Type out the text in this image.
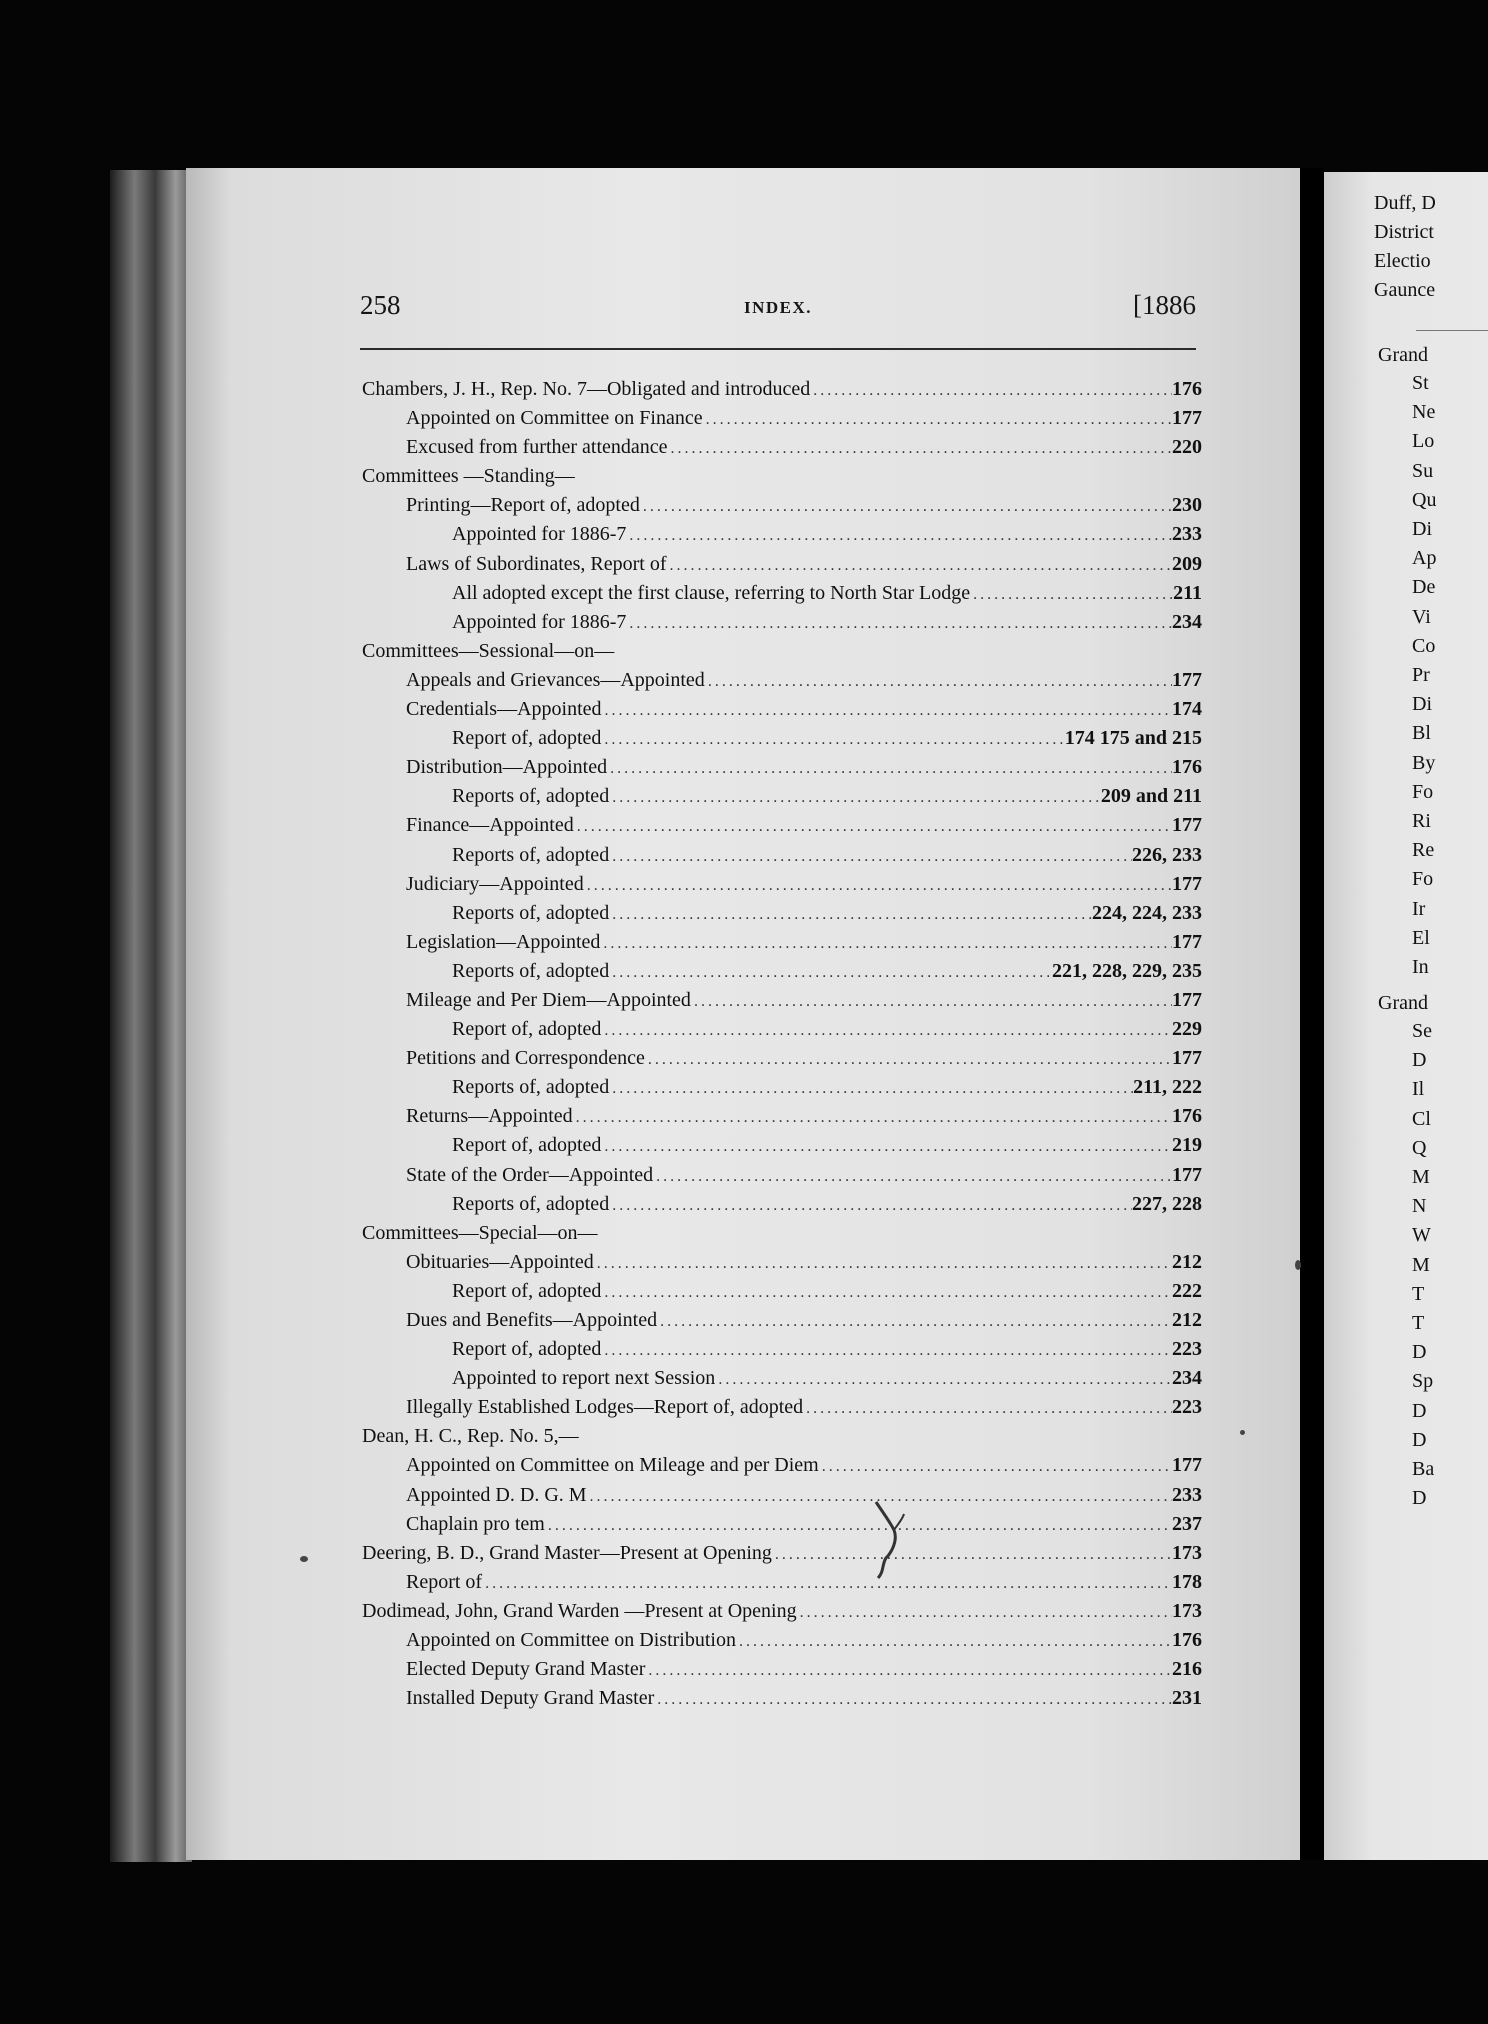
Duff, D
District
Electio
Gaunce
Grand
St
Ne
Lo
Su
Qu
Di
Ap
De
Vi
Co
Pr
Di
Bl
By
Fo
Ri
Re
Fo
Ir
El
In
Grand
Se
D
Il
Cl
Q
M
N
W
M
T
T
D
Sp
D
D
Ba
D
258	INDEX.	[1886
Chambers, J. H., Rep. No. 7—Obligated and introduced .....	176
Appointed on Committee on Finance .....	177
Excused from further attendance .....	220
Committees —Standing—
Printing—Report of, adopted .....	230
Appointed for 1886-7 .....	233
Laws of Subordinates, Report of .....	209
All adopted except the first clause, referring to North Star Lodge .....	211
Appointed for 1886-7 .....	234
Committees—Sessional—on—
Appeals and Grievances—Appointed .....	177
Credentials—Appointed .....	174
Report of, adopted .....	174 175 and 215
Distribution—Appointed .....	176
Reports of, adopted .....	209 and 211
Finance—Appointed .....	177
Reports of, adopted .....	226, 233
Judiciary—Appointed .....	177
Reports of, adopted .....	224, 224, 233
Legislation—Appointed .....	177
Reports of, adopted .....	221, 228, 229, 235
Mileage and Per Diem—Appointed .....	177
Report of, adopted .....	229
Petitions and Correspondence .....	177
Reports of, adopted .....	211, 222
Returns—Appointed .....	176
Report of, adopted .....	219
State of the Order—Appointed .....	177
Reports of, adopted .....	227, 228
Committees—Special—on—
Obituaries—Appointed .....	212
Report of, adopted .....	222
Dues and Benefits—Appointed .....	212
Report of, adopted .....	223
Appointed to report next Session .....	234
Illegally Established Lodges—Report of, adopted .....	223
Dean, H. C., Rep. No. 5,—
Appointed on Committee on Mileage and per Diem .....	177
Appointed D. D. G. M .....	233
Chaplain pro tem .....	237
Deering, B. D., Grand Master—Present at Opening .....	173
Report of .....	178
Dodimead, John, Grand Warden —Present at Opening .....	173
Appointed on Committee on Distribution .....	176
Elected Deputy Grand Master .....	216
Installed Deputy Grand Master .....	231
